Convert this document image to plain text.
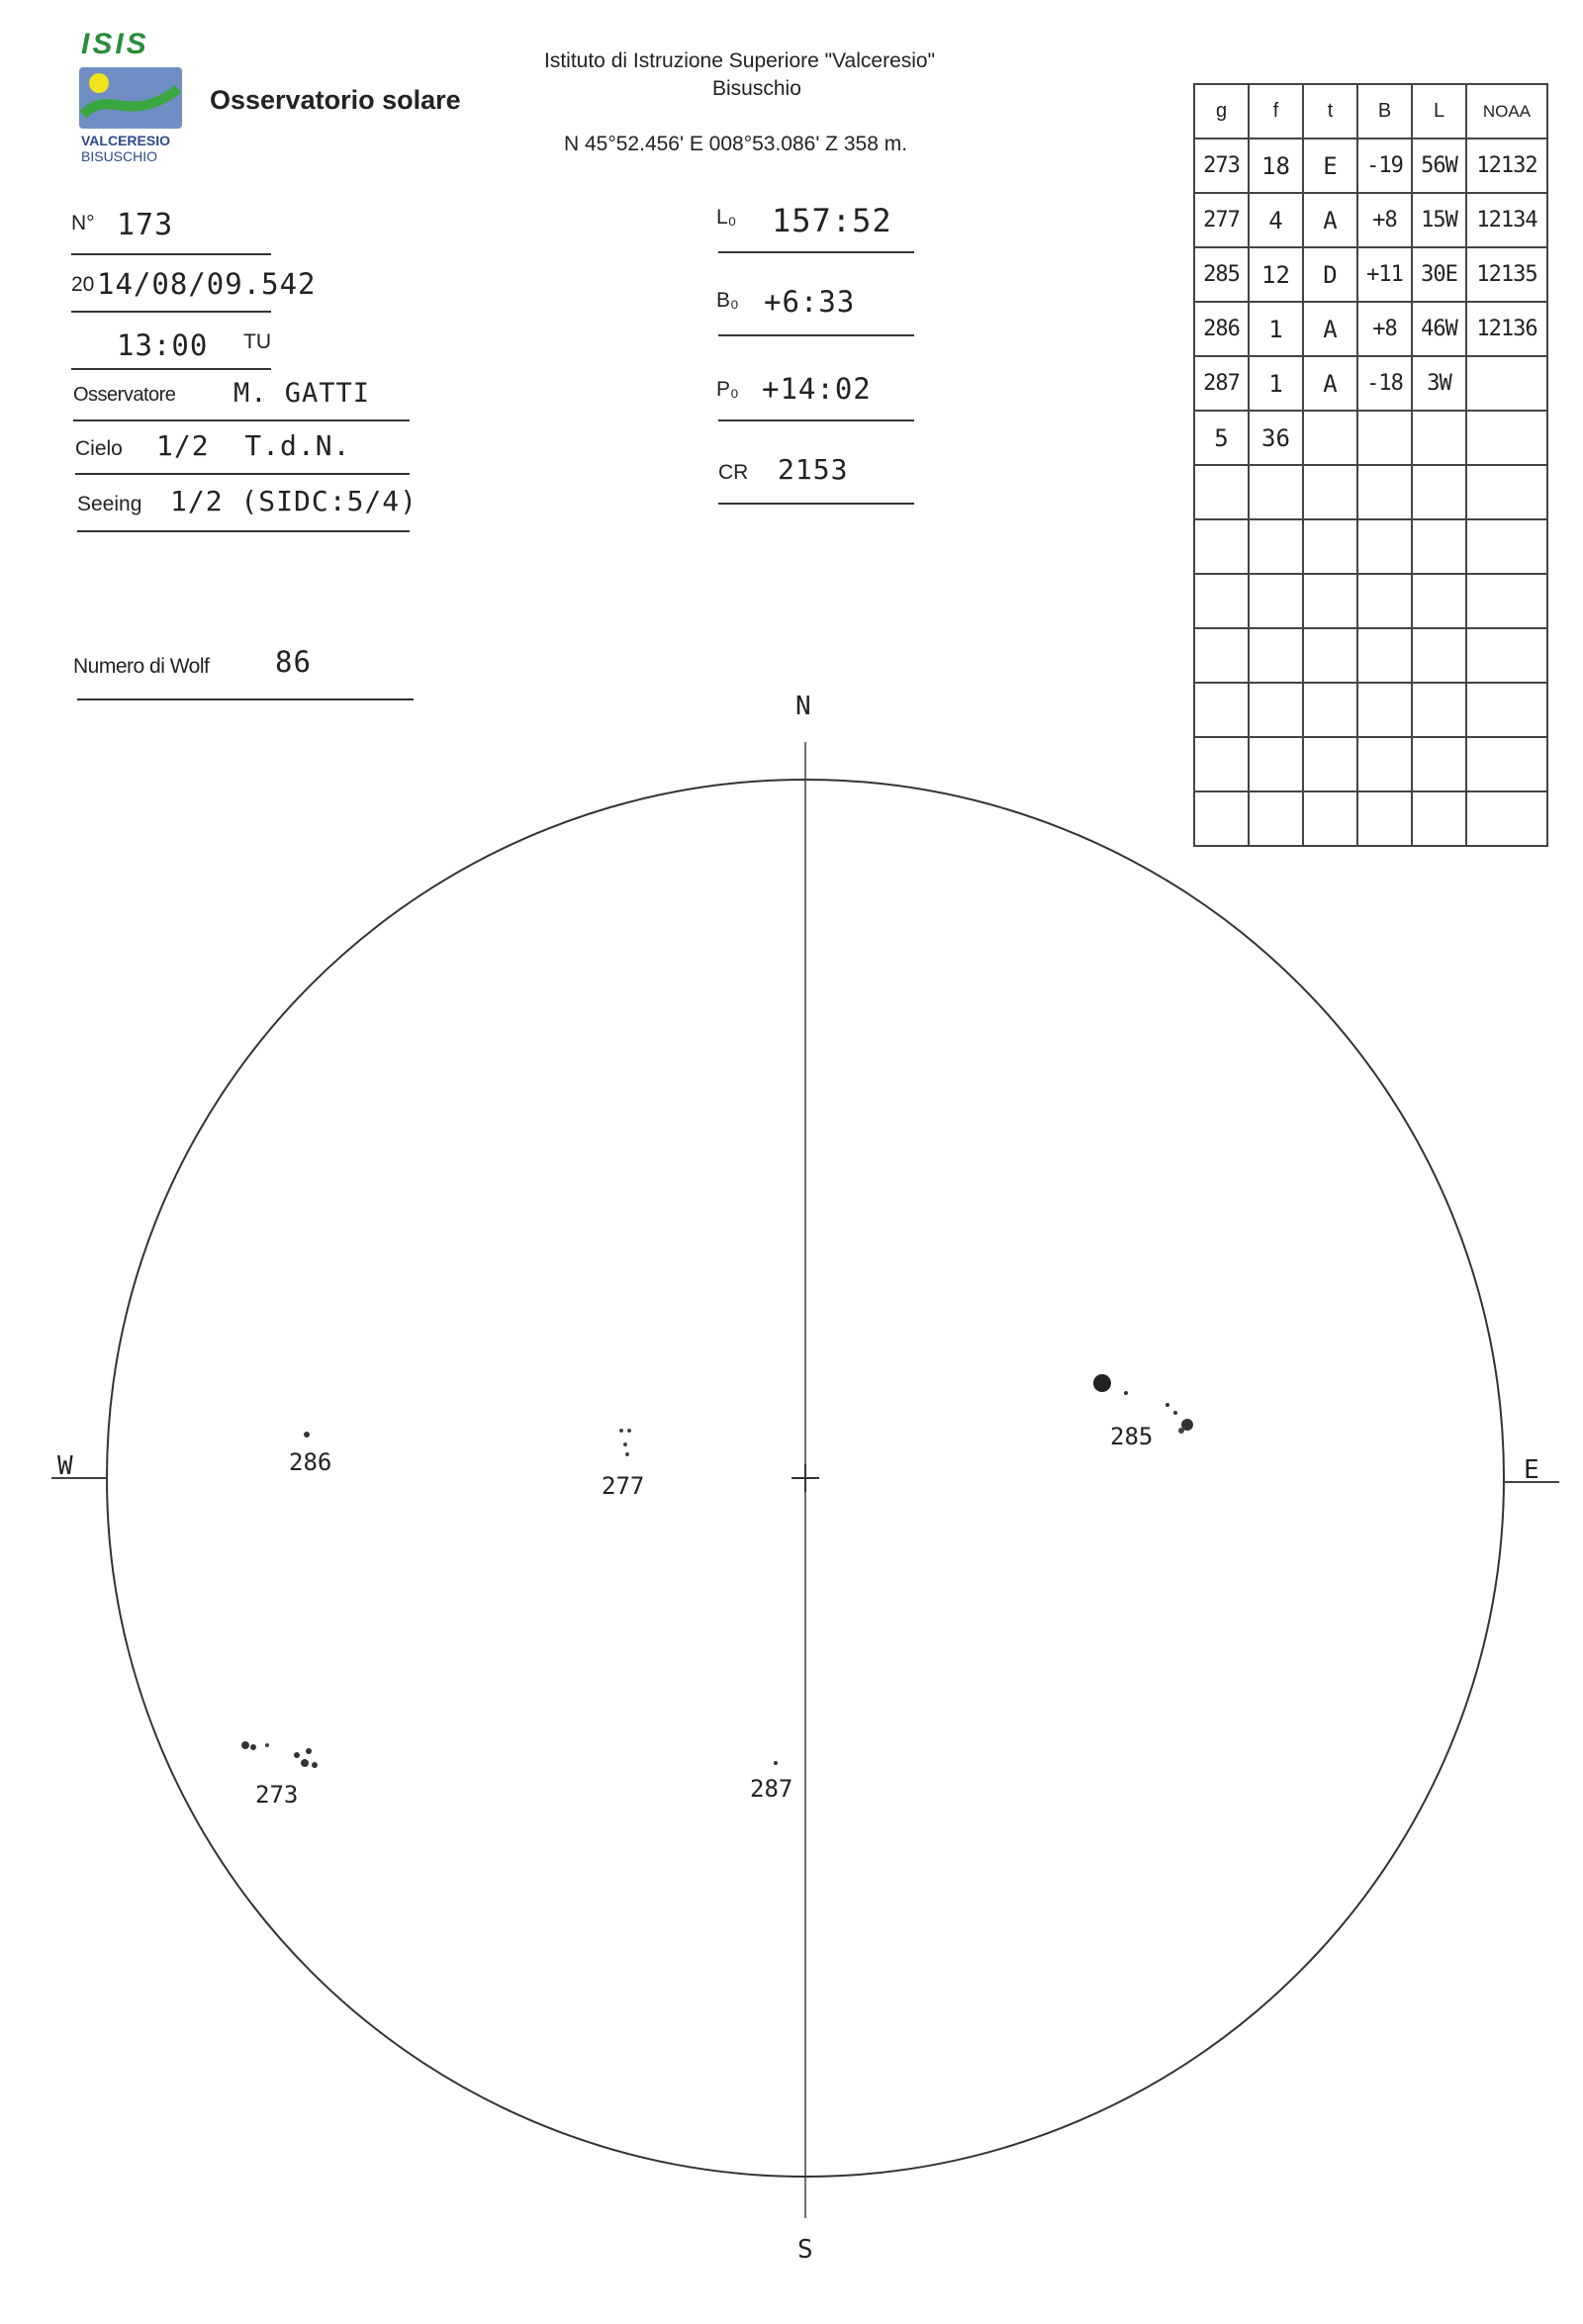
ISIS
VALCERESIO
BISUSCHIO
Osservatorio solare
Istituto di Istruzione Superiore "Valceresio"
Bisuschio
N 45°52.456' E 008°53.086' Z 358 m.
N° 173
20 14/08/09.542
13:00 TU
Osservatore M. GATTI
Cielo 1/2  T.d.N.
Seeing 1/2 (SIDC:5/4)
Numero di Wolf 86
L₀ 157:52
B₀ +6:33
P₀ +14:02
CR 2153
g	f	t	B	L	NOAA
273	18	E	-19	56W	12132
277	4	A	+8	15W	12134
285	12	D	+11	30E	12135
286	1	A	+8	46W	12136
287	1	A	-18	3W	
5	36				

N
S
E
W
285
286
277
273	287
